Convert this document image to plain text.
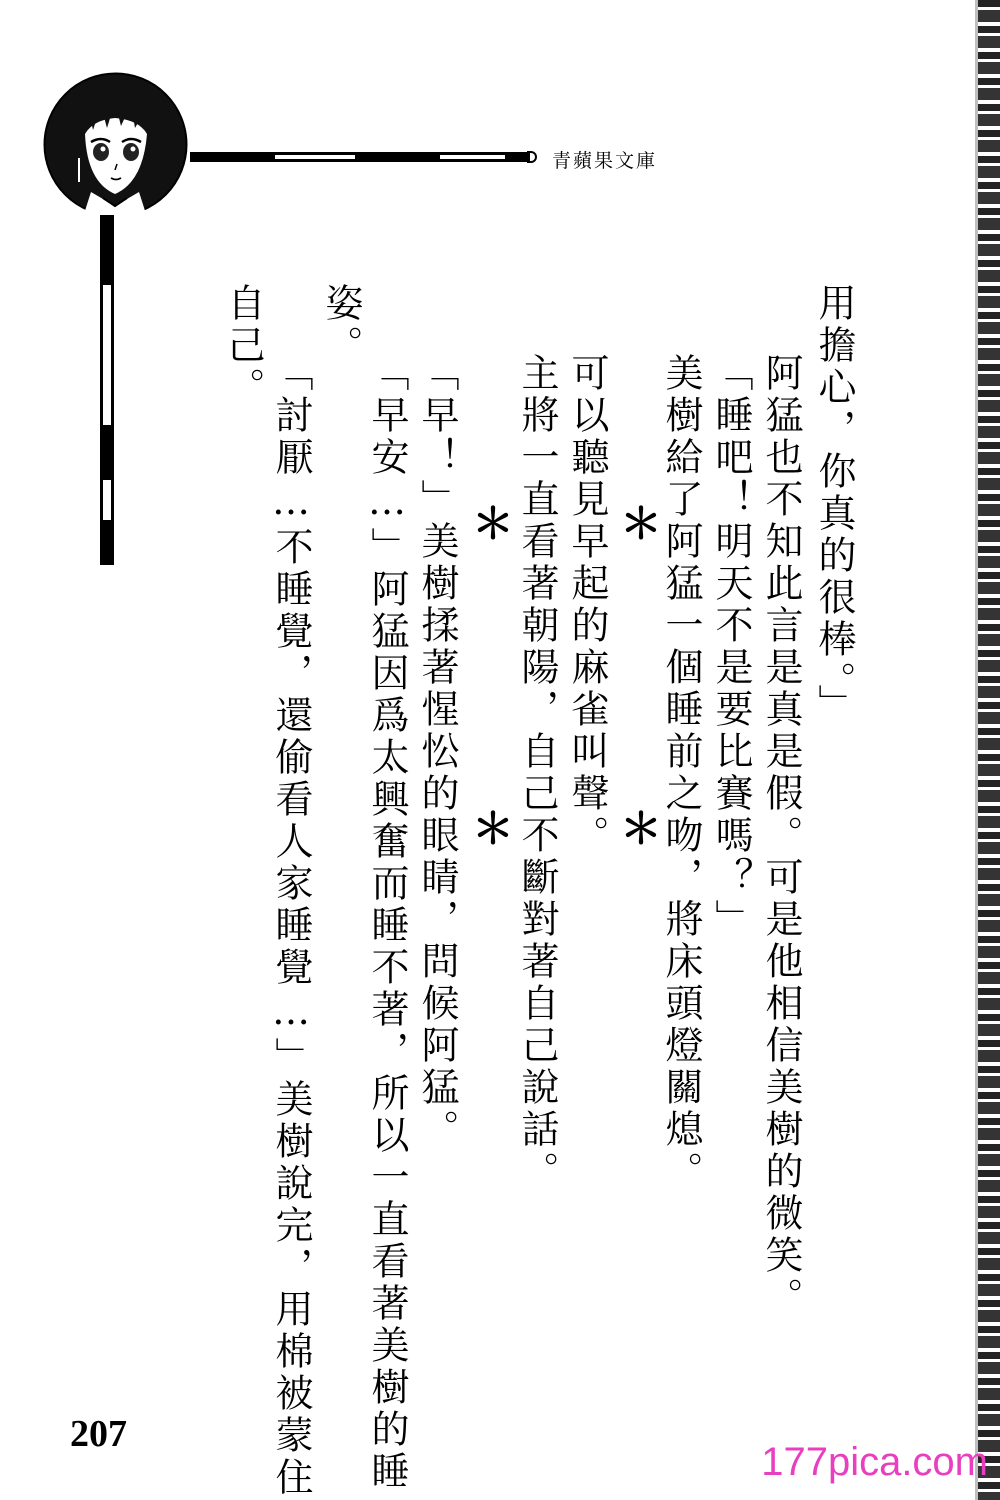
青蘋果文庫
用擔心，你真的很棒。」
阿猛也不知此言是真是假。可是他相信美樹的微笑。
「睡吧！明天不是要比賽嗎？」
美樹給了阿猛一個睡前之吻，將床頭燈關熄。
可以聽見早起的麻雀叫聲。
主將一直看著朝陽，自己不斷對著自己說話。
「早！」美樹揉著惺忪的眼睛，問候阿猛。
「早安…」阿猛因爲太興奮而睡不著，所以一直看著美樹的睡
姿。
「討厭…不睡覺，還偷看人家睡覺…」美樹說完，用棉被蒙住
自己。
＊
＊
＊
＊
207
177pica.com
